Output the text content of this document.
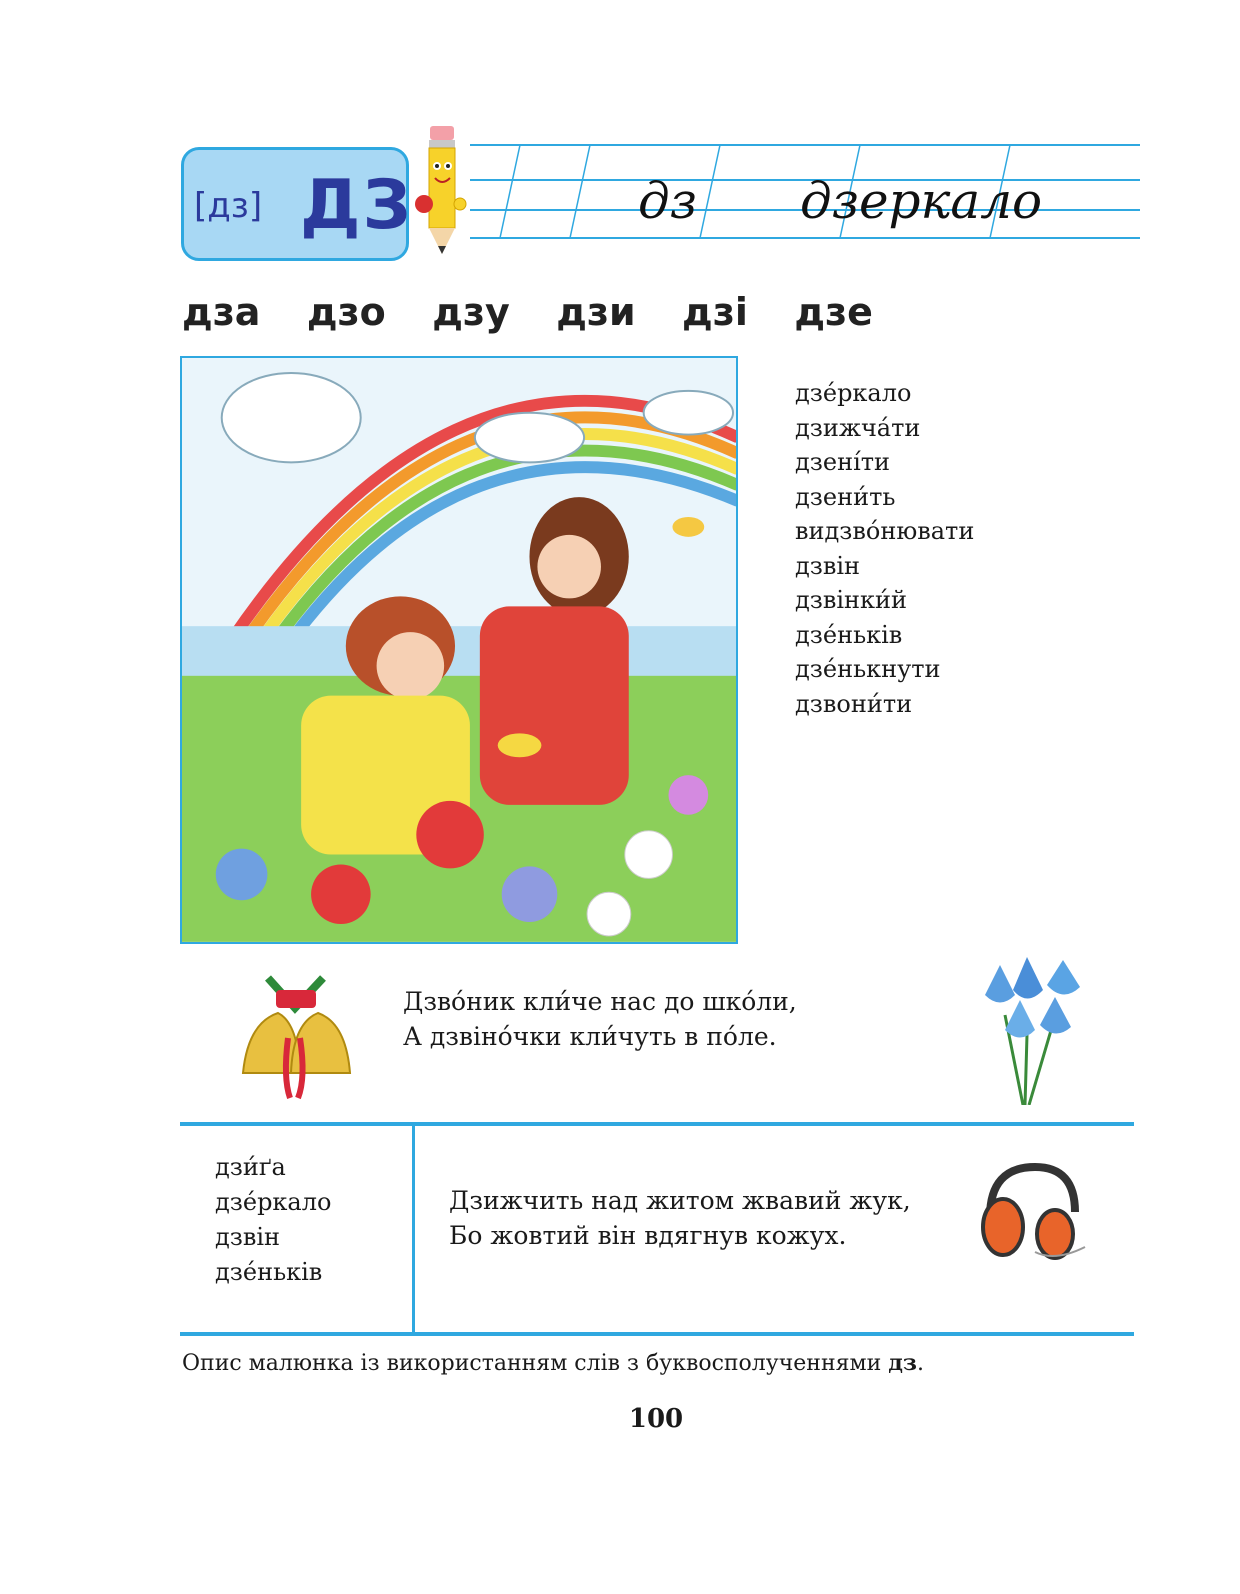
[дз] ДЗ	дз дзеркало
дза  дзо  дзу  дзи  дзі  дзе
дзе́ркало
дзижча́ти
дзені́ти
дзени́ть
видзво́нювати
дзвін
дзвінки́й
дзе́ньків
дзе́нькнути
дзвони́ти
Дзво́ник кли́че нас до шко́ли,
А дзвіно́чки кли́чуть в по́ле.
дзи́ґа
дзе́ркало
дзвін
дзе́ньків
Дзижчить над житом жвавий жук,
Бо жовтий він вдягнув кожух.
Опис малюнка із використанням слів з буквосполученнями дз.
100
